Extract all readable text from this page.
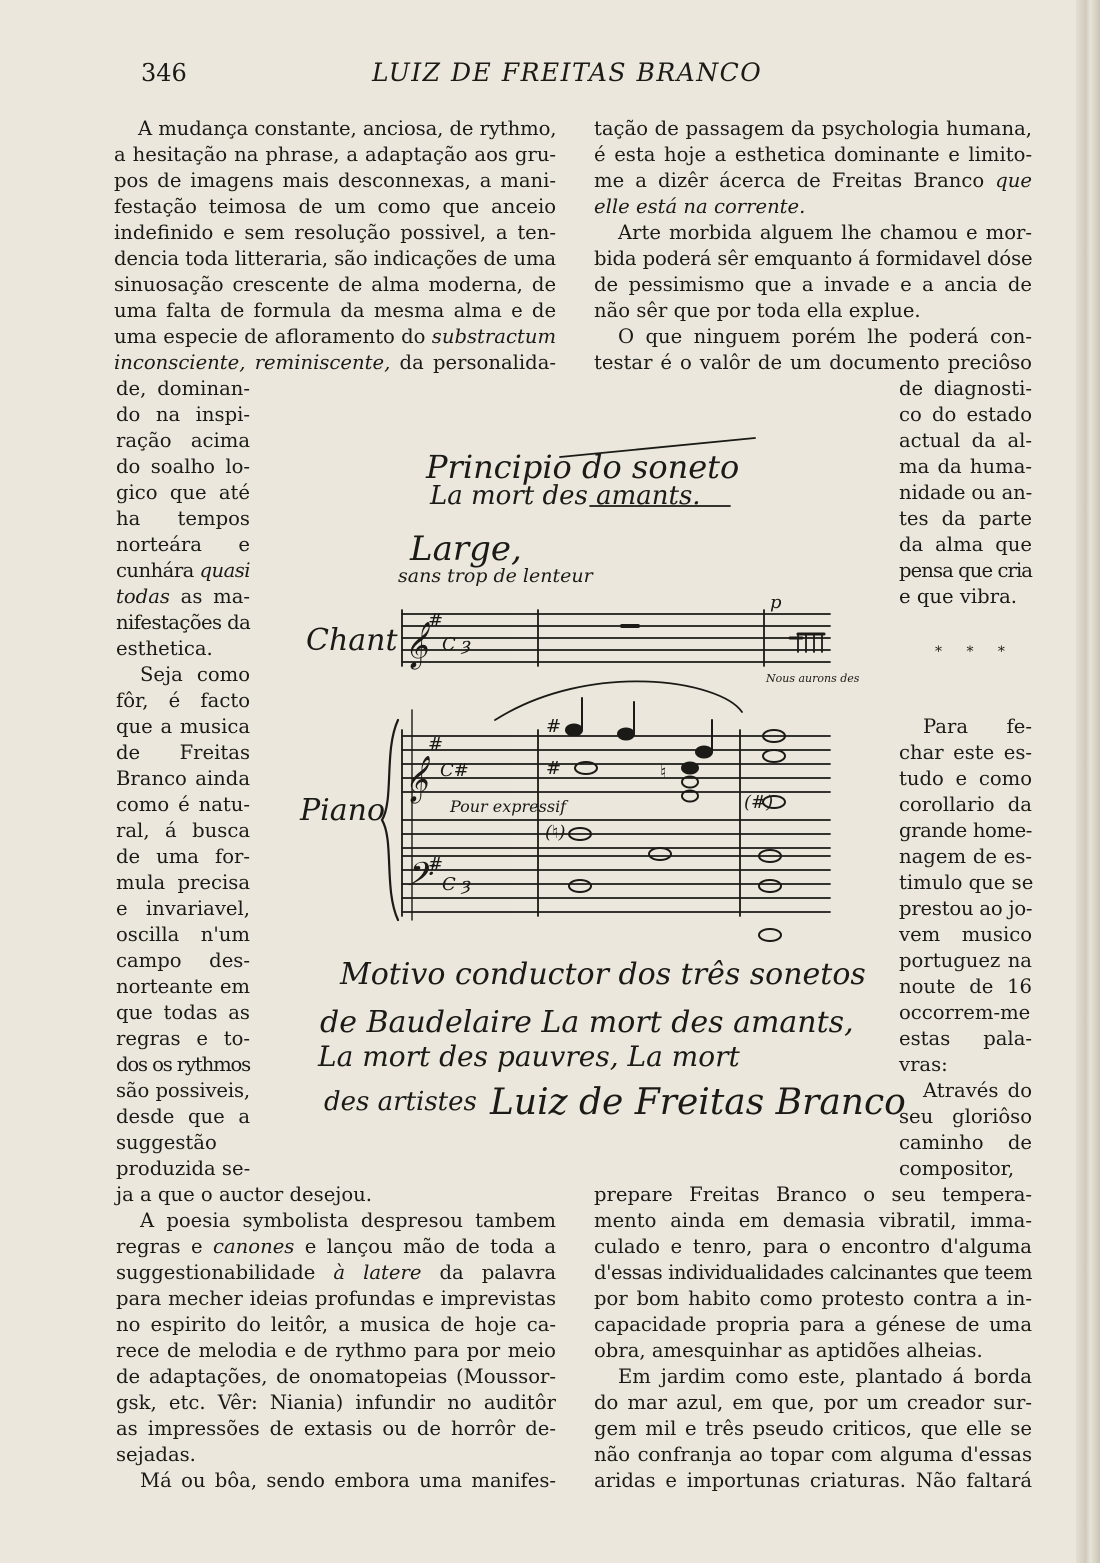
346	LUIZ DE FREITAS BRANCO
A mudança constante, anciosa, de rythmo,
a hesitação na phrase, a adaptação aos gru-
pos de imagens mais desconnexas, a mani-
festação teimosa de um como que anceio
indefinido e sem resolução possivel, a ten-
dencia toda litteraria, são indicações de uma
sinuosação crescente de alma moderna, de
uma falta de formula da mesma alma e de
uma especie de afloramento do substractum
inconsciente, reminiscente, da personalida-
de, dominan-
do na inspi-
ração acima
do soalho lo-
gico que até
ha tempos
norteára e
cunhára quasi
todas as ma-
nifestações da
esthetica.
Seja como
fôr, é facto
que a musica
de Freitas
Branco ainda
como é natu-
ral, á busca
de uma for-
mula precisa
e invariavel,
oscilla n'um
campo des-
norteante em
que todas as
regras e to-
dos os rythmos
são possiveis,
desde que a
suggestão
produzida se-
ja a que o auctor desejou.
A poesia symbolista despresou tambem
regras e canones e lançou mão de toda a
suggestionabilidade à latere da palavra
para mecher ideias profundas e imprevistas
no espirito do leitôr, a musica de hoje ca-
rece de melodia e de rythmo para por meio
de adaptações, de onomatopeias (Moussor-
gsk, etc. Vêr: Niania) infundir no auditôr
as impressões de extasis ou de horrôr de-
sejadas.
Má ou bôa, sendo embora uma manifes-
tação de passagem da psychologia humana,
é esta hoje a esthetica dominante e limito-
me a dizêr ácerca de Freitas Branco que
elle está na corrente.
Arte morbida alguem lhe chamou e mor-
bida poderá sêr emquanto á formidavel dóse
de pessimismo que a invade e a ancia de
não sêr que por toda ella explue.
O que ninguem porém lhe poderá con-
testar é o valôr de um documento preciôso
de diagnosti-
co do estado
actual da al-
ma da huma-
nidade ou an-
tes da parte
da alma que
pensa que cria
e que vibra.
* * *
Para fe-
char este es-
tudo e como
corollario da
grande home-
nagem de es-
timulo que se
prestou ao jo-
vem musico
portuguez na
noute de 16
occorrem-me
estas pala-
vras:
Através do
seu gloriôso
caminho de
compositor,
prepare Freitas Branco o seu tempera-
mento ainda em demasia vibratil, imma-
culado e tenro, para o encontro d'alguma
d'essas individualidades calcinantes que teem
por bom habito como protesto contra a in-
capacidade propria para a génese de uma
obra, amesquinhar as aptidões alheias.
Em jardim como este, plantado á borda
do mar azul, em que, por um creador sur-
gem mil e três pseudo criticos, que elle se
não confranja ao topar com alguma d'essas
aridas e importunas criaturas. Não faltará
𝄞
𝄞
𝄢
#
#
#
C ȝ
C#
C ȝ
#
#	♮
(♮)
(#)
Principio do soneto
La mort des amants.
Large,
sans trop de lenteur
p
Chant
Nous aurons des
Piano	Pour expressif
Motivo conductor dos três sonetos
de Baudelaire La mort des amants,
La mort des pauvres, La mort
des artistes Luiz de Freitas Branco
